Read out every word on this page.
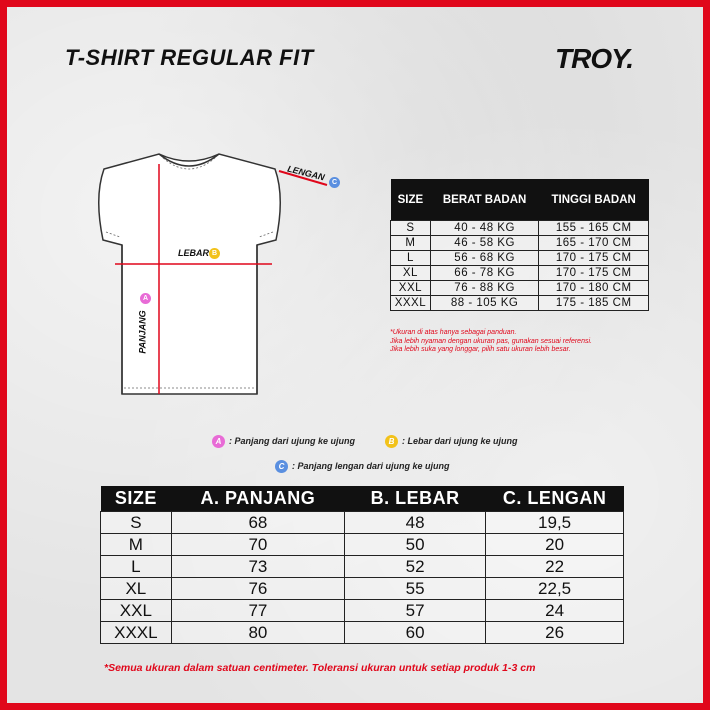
T-SHIRT REGULAR FIT	TROY.
LENGAN
C
LEBAR B
A
PANJANG
SIZE	BERAT BADAN	TINGGI BADAN
S	40 - 48 KG	155 - 165 CM
M	46 - 58 KG	165 - 170 CM
L	56 - 68 KG	170 - 175 CM
XL	66 - 78 KG	170 - 175 CM
XXL	76 - 88 KG	170 - 180 CM
XXXL	88 - 105 KG	175 - 185 CM
*Ukuran di atas hanya sebagai panduan.
Jika lebih nyaman dengan ukuran pas, gunakan sesuai referensi.
Jika lebih suka yang longgar, pilih satu ukuran lebih besar.
A : Panjang dari ujung ke ujung	B : Lebar dari ujung ke ujung
C : Panjang lengan dari ujung ke ujung
SIZE	A. PANJANG	B. LEBAR	C. LENGAN
S	68	48	19,5
M	70	50	20
L	73	52	22
XL	76	55	22,5
XXL	77	57	24
XXXL	80	60	26
*Semua ukuran dalam satuan centimeter. Toleransi ukuran untuk setiap produk 1-3 cm
